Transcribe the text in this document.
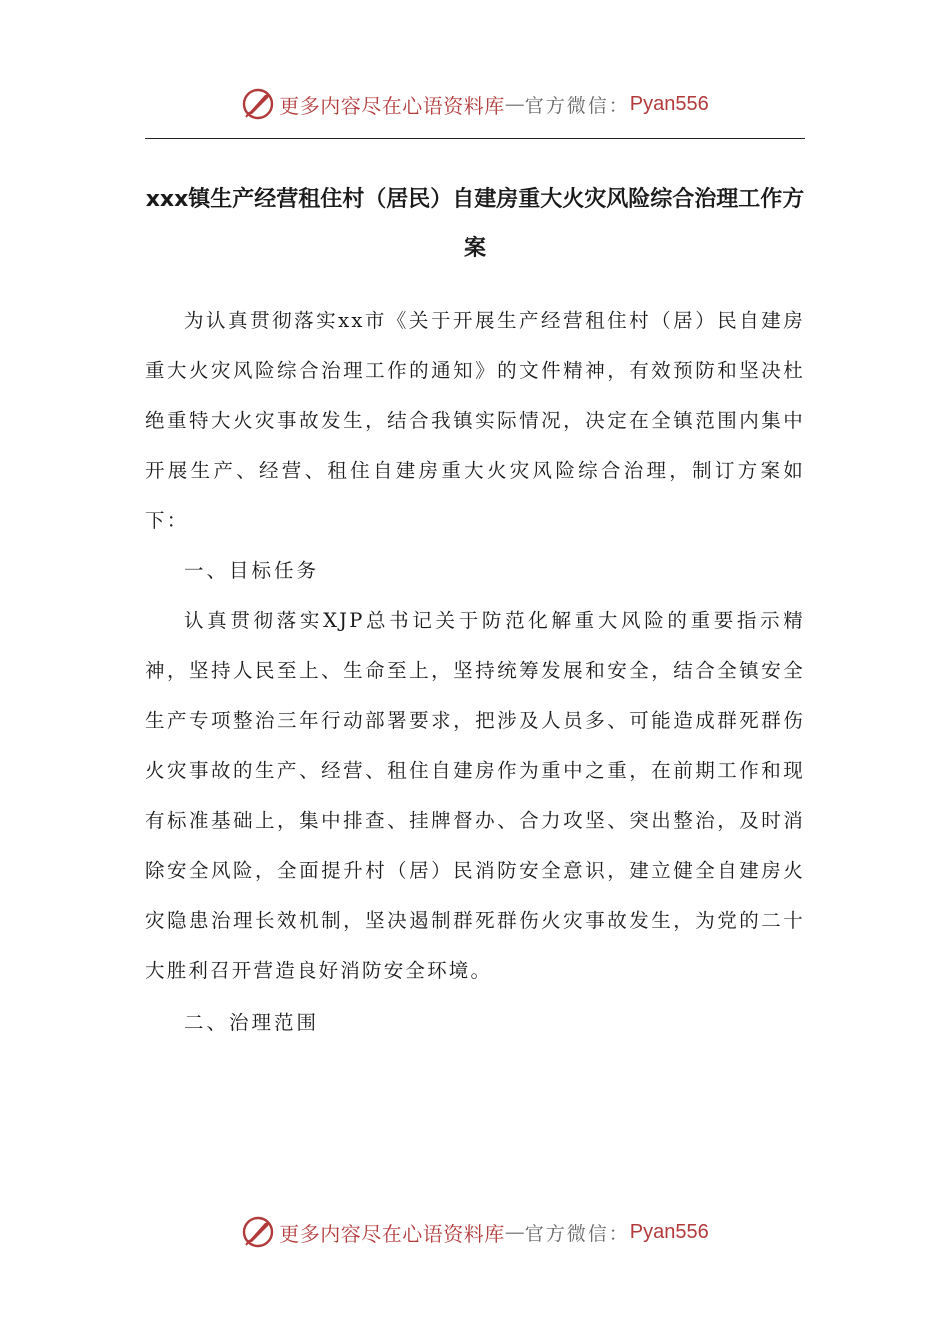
更多内容尽在心语资料库 — 官方微信： Pyan556
xxx镇生产经营租住村（居民）自建房重大火灾风险综合治理工作方案

为认真贯彻落实xx市《关于开展生产经营租住村（居）民自建房重大火灾风险综合治理工作的通知》的文件精神，有效预防和坚决杜绝重特大火灾事故发生，结合我镇实际情况，决定在全镇范围内集中开展生产、经营、租住自建房重大火灾风险综合治理，制订方案如下：

一、目标任务

认真贯彻落实XJP总书记关于防范化解重大风险的重要指示精神，坚持人民至上、生命至上，坚持统筹发展和安全，结合全镇安全生产专项整治三年行动部署要求，把涉及人员多、可能造成群死群伤火灾事故的生产、经营、租住自建房作为重中之重，在前期工作和现有标准基础上，集中排查、挂牌督办、合力攻坚、突出整治，及时消除安全风险，全面提升村（居）民消防安全意识，建立健全自建房火灾隐患治理长效机制，坚决遏制群死群伤火灾事故发生，为党的二十大胜利召开营造良好消防安全环境。

二、治理范围

更多内容尽在心语资料库 — 官方微信： Pyan556
